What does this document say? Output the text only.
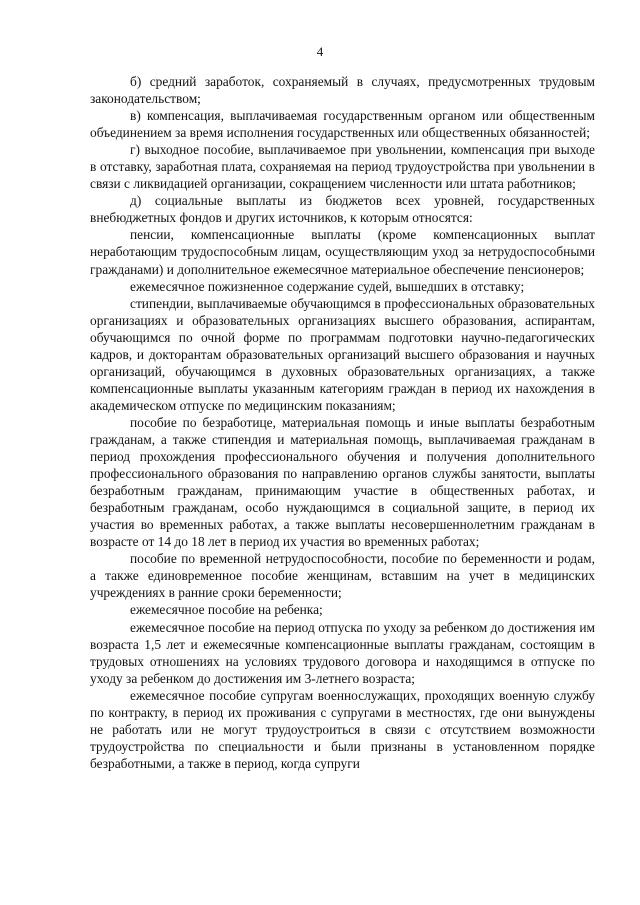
4

б) средний заработок, сохраняемый в случаях, предусмотренных трудовым законодательством;

в) компенсация, выплачиваемая государственным органом или общественным объединением за время исполнения государственных или общественных обязанностей;

г) выходное пособие, выплачиваемое при увольнении, компенсация при выходе в отставку, заработная плата, сохраняемая на период трудоустройства при увольнении в связи с ликвидацией организации, сокращением численности или штата работников;

д) социальные выплаты из бюджетов всех уровней, государственных внебюджетных фондов и других источников, к которым относятся:

пенсии, компенсационные выплаты (кроме компенсационных выплат неработающим трудоспособным лицам, осуществляющим уход за нетрудоспособными гражданами) и дополнительное ежемесячное материальное обеспечение пенсионеров;

ежемесячное пожизненное содержание судей, вышедших в отставку;

стипендии, выплачиваемые обучающимся в профессиональных образовательных организациях и образовательных организациях высшего образования, аспирантам, обучающимся по очной форме по программам подготовки научно-педагогических кадров, и докторантам образовательных организаций высшего образования и научных организаций, обучающимся в духовных образовательных организациях, а также компенсационные выплаты указанным категориям граждан в период их нахождения в академическом отпуске по медицинским показаниям;

пособие по безработице, материальная помощь и иные выплаты безработным гражданам, а также стипендия и материальная помощь, выплачиваемая гражданам в период прохождения профессионального обучения и получения дополнительного профессионального образования по направлению органов службы занятости, выплаты безработным гражданам, принимающим участие в общественных работах, и безработным гражданам, особо нуждающимся в социальной защите, в период их участия во временных работах, а также выплаты несовершеннолетним гражданам в возрасте от 14 до 18 лет в период их участия во временных работах;

пособие по временной нетрудоспособности, пособие по беременности и родам, а также единовременное пособие женщинам, вставшим на учет в медицинских учреждениях в ранние сроки беременности;

ежемесячное пособие на ребенка;

ежемесячное пособие на период отпуска по уходу за ребенком до достижения им возраста 1,5 лет и ежемесячные компенсационные выплаты гражданам, состоящим в трудовых отношениях на условиях трудового договора и находящимся в отпуске по уходу за ребенком до достижения им 3-летнего возраста;

ежемесячное пособие супругам военнослужащих, проходящих военную службу по контракту, в период их проживания с супругами в местностях, где они вынуждены не работать или не могут трудоустроиться в связи с отсутствием возможности трудоустройства по специальности и были признаны в установленном порядке безработными, а также в период, когда супруги
